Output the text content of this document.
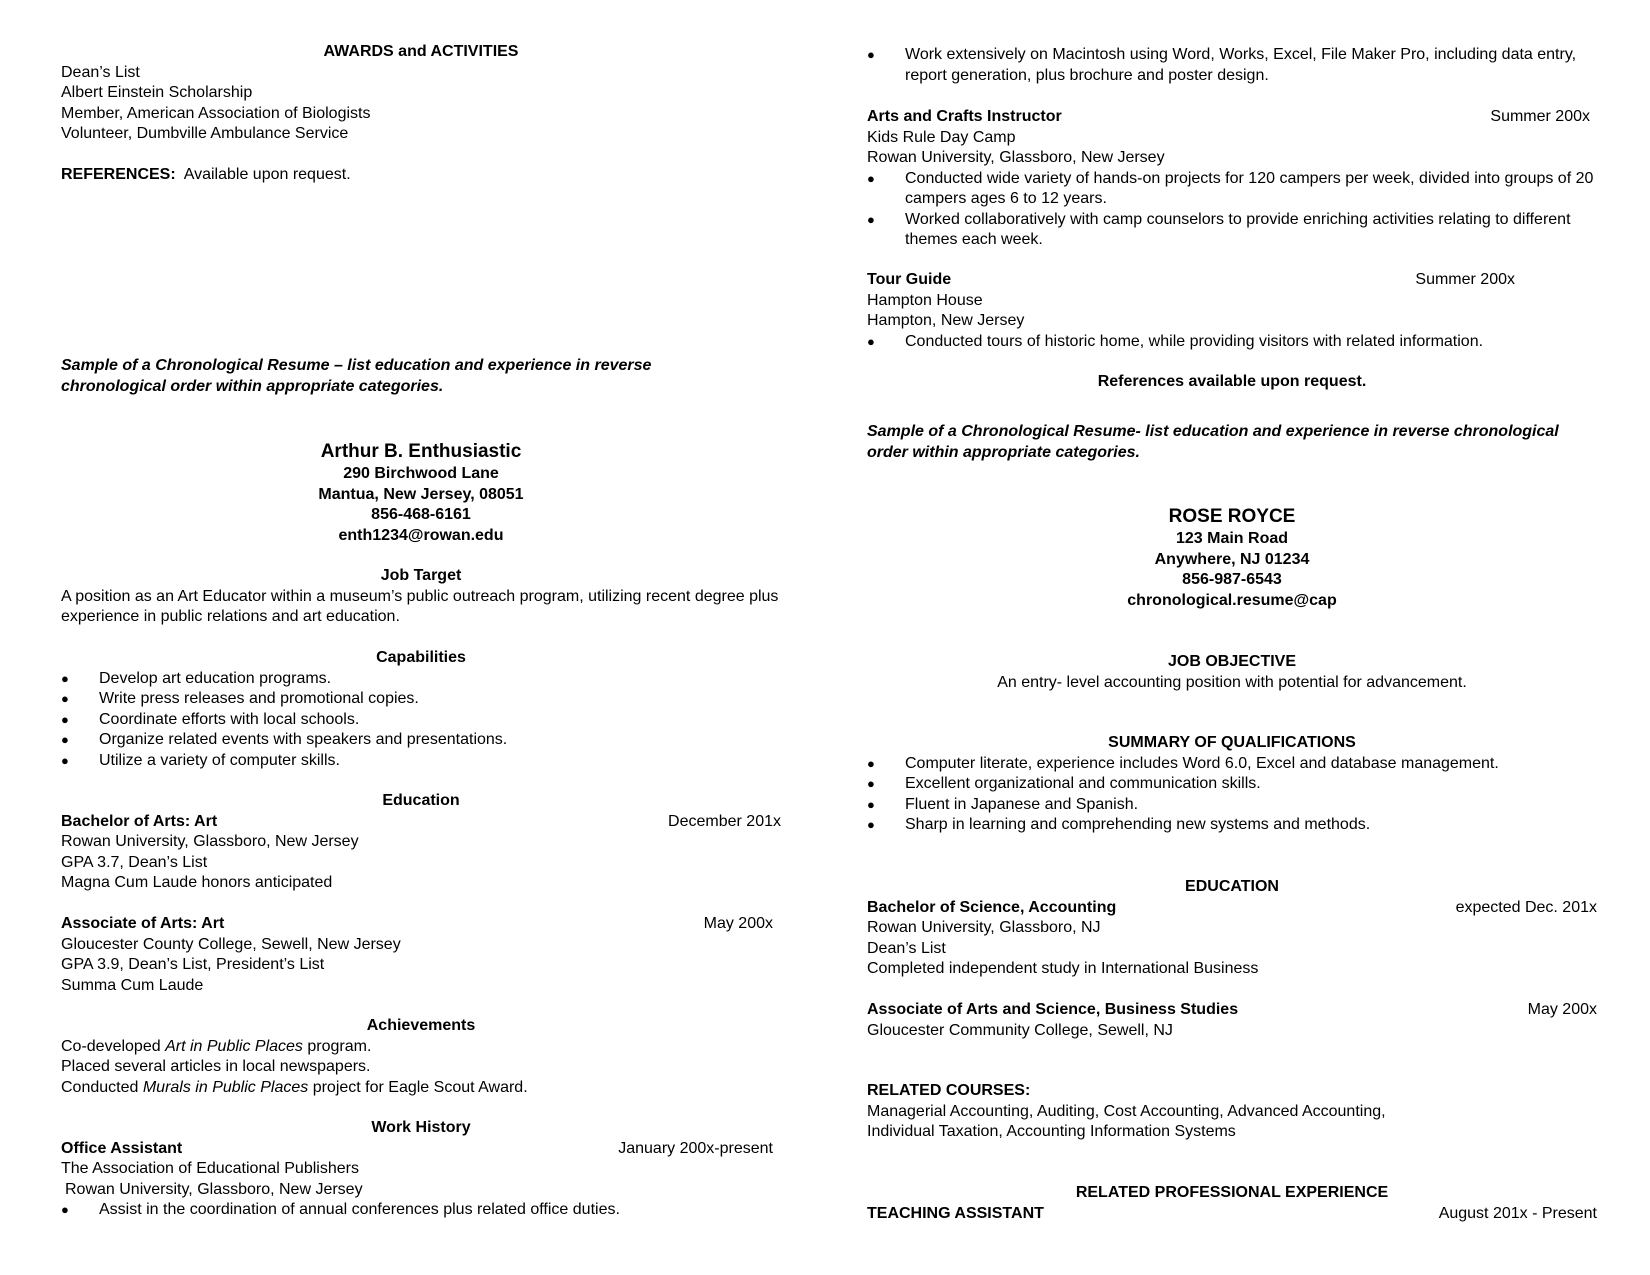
AWARDS and ACTIVITIES
Dean’s List
Albert Einstein Scholarship
Member, American Association of Biologists
Volunteer, Dumbville Ambulance Service
REFERENCES: Available upon request.
Sample of a Chronological Resume – list education and experience in reverse chronological order within appropriate categories.
Arthur B. Enthusiastic
290 Birchwood Lane
Mantua, New Jersey, 08051
856-468-6161
enth1234@rowan.edu
Job Target
A position as an Art Educator within a museum’s public outreach program, utilizing recent degree plus experience in public relations and art education.
Capabilities
● Develop art education programs.
● Write press releases and promotional copies.
● Coordinate efforts with local schools.
● Organize related events with speakers and presentations.
● Utilize a variety of computer skills.
Education
Bachelor of Arts: Art	December 201x
Rowan University, Glassboro, New Jersey
GPA 3.7, Dean’s List
Magna Cum Laude honors anticipated
Associate of Arts: Art	May 200x
Gloucester County College, Sewell, New Jersey
GPA 3.9, Dean’s List, President’s List
Summa Cum Laude
Achievements
Co-developed Art in Public Places program.
Placed several articles in local newspapers.
Conducted Murals in Public Places project for Eagle Scout Award.
Work History
Office Assistant	January 200x-present
The Association of Educational Publishers
Rowan University, Glassboro, New Jersey
● Assist in the coordination of annual conferences plus related office duties.
● Work extensively on Macintosh using Word, Works, Excel, File Maker Pro, including data entry, report generation, plus brochure and poster design.
Arts and Crafts Instructor	Summer 200x
Kids Rule Day Camp
Rowan University, Glassboro, New Jersey
● Conducted wide variety of hands-on projects for 120 campers per week, divided into groups of 20 campers ages 6 to 12 years.
● Worked collaboratively with camp counselors to provide enriching activities relating to different themes each week.
Tour Guide	Summer 200x
Hampton House
Hampton, New Jersey
● Conducted tours of historic home, while providing visitors with related information.
References available upon request.
Sample of a Chronological Resume- list education and experience in reverse chronological order within appropriate categories.
ROSE ROYCE
123 Main Road
Anywhere, NJ 01234
856-987-6543
chronological.resume@cap
JOB OBJECTIVE
An entry- level accounting position with potential for advancement.
SUMMARY OF QUALIFICATIONS
● Computer literate, experience includes Word 6.0, Excel and database management.
● Excellent organizational and communication skills.
● Fluent in Japanese and Spanish.
● Sharp in learning and comprehending new systems and methods.
EDUCATION
Bachelor of Science, Accounting	expected Dec. 201x
Rowan University, Glassboro, NJ
Dean’s List
Completed independent study in International Business
Associate of Arts and Science, Business Studies	May 200x
Gloucester Community College, Sewell, NJ
RELATED COURSES:
Managerial Accounting, Auditing, Cost Accounting, Advanced Accounting,
Individual Taxation, Accounting Information Systems
RELATED PROFESSIONAL EXPERIENCE
TEACHING ASSISTANT	August 201x - Present
